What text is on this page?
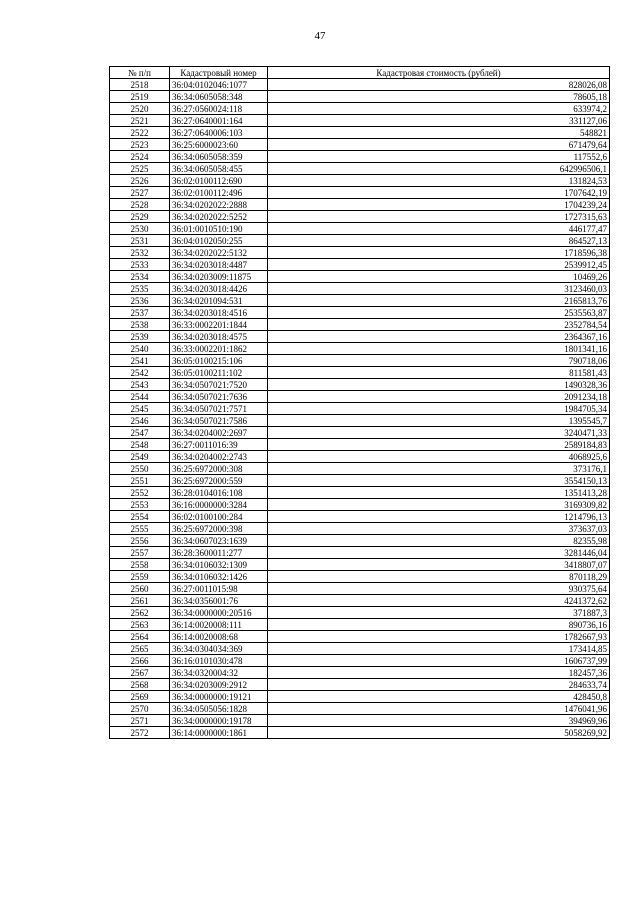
47
№ п/п	Кадастровый номер	Кадастровая стоимость (рублей)
2518	36:04:0102046:1077	828026,08
2519	36:34:0605058:348	78605,18
2520	36:27:0560024:118	633974,2
2521	36:27:0640001:164	331127,06
2522	36:27:0640006:103	548821
2523	36:25:6000023:60	671479,64
2524	36:34:0605058:359	117552,6
2525	36:34:0605058:455	642996506,1
2526	36:02:0100112:690	131824,53
2527	36:02:0100112:496	1707642,19
2528	36:34:0202022:2888	1704239,24
2529	36:34:0202022:5252	1727315,63
2530	36:01:0010510:190	446177,47
2531	36:04:0102050:255	864527,13
2532	36:34:0202022:5132	1718596,38
2533	36:34:0203018:4487	2539912,45
2534	36:34:0203009:11875	10469,26
2535	36:34:0203018:4426	3123460,03
2536	36:34:0201094:531	2165813,76
2537	36:34:0203018:4516	2535563,87
2538	36:33:0002201:1844	2352784,54
2539	36:34:0203018:4575	2364367,16
2540	36:33:0002201:1862	1801341,16
2541	36:05:0100215:106	790718,06
2542	36:05:0100211:102	811581,43
2543	36:34:0507021:7520	1490328,36
2544	36:34:0507021:7636	2091234,18
2545	36:34:0507021:7571	1984705,34
2546	36:34:0507021:7586	1395545,7
2547	36:34:0204002:2697	3240471,33
2548	36:27:0011016:39	2589184,83
2549	36:34:0204002:2743	4068925,6
2550	36:25:6972000:308	373176,1
2551	36:25:6972000:559	3554150,13
2552	36:28:0104016:108	1351413,28
2553	36:16:0000000:3284	3169309,82
2554	36:02:0100100:284	1214796,13
2555	36:25:6972000:398	373637,03
2556	36:34:0607023:1639	82355,98
2557	36:28:3600011:277	3281446,04
2558	36:34:0106032:1309	3418807,07
2559	36:34:0106032:1426	870118,29
2560	36:27:0011015:98	930375,64
2561	36:34:0356001:76	4241372,62
2562	36:34:0000000:20516	371887,3
2563	36:14:0020008:111	890736,16
2564	36:14:0020008:68	1782667,93
2565	36:34:0304034:369	173414,85
2566	36:16:0101030:478	1606737,99
2567	36:34:0320004:32	182457,36
2568	36:34:0203009:2912	284633,74
2569	36:34:0000000:19121	428450,8
2570	36:34:0505056:1828	1476041,96
2571	36:34:0000000:19178	394969,96
2572	36:14:0000000:1861	5058269,92
